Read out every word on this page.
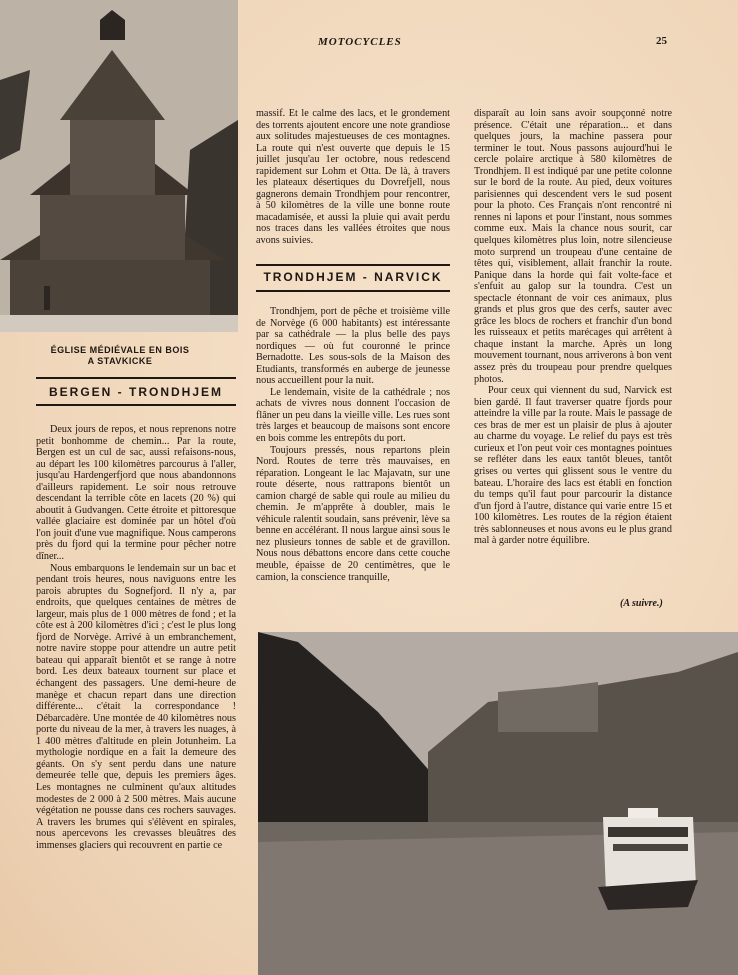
MOTOCYCLES	25
ÉGLISE MÉDIÉVALE EN BOIS
A STAVKICKE
BERGEN - TRONDHJEM

Deux jours de repos, et nous reprenons notre petit bonhomme de chemin... Par la route, Bergen est un cul de sac, aussi refaisons-nous, au départ les 100 kilomètres parcourus à l'aller, jusqu'au Hardengerfjord que nous abandonnons d'ailleurs rapidement. Le soir nous retrouve descendant la terrible côte en lacets (20 %) qui aboutit à Gudvangen. Cette étroite et pittoresque vallée glaciaire est dominée par un hôtel d'où l'on jouit d'une vue magnifique. Nous camperons près du fjord qui la termine pour pêcher notre dîner...

Nous embarquons le lendemain sur un bac et pendant trois heures, nous naviguons entre les parois abruptes du Sognefjord. Il n'y a, par endroits, que quelques centaines de mètres de largeur, mais plus de 1 000 mètres de fond ; et la côte est à 200 kilomètres d'ici ; c'est le plus long fjord de Norvège. Arrivé à un embranchement, notre navire stoppe pour attendre un autre petit bateau qui apparaît bientôt et se range à notre bord. Les deux bateaux tournent sur place et échangent des passagers. Une demi-heure de manège et chacun repart dans une direction différente... c'était la correspondance ! Débarcadère. Une montée de 40 kilomètres nous porte du niveau de la mer, à travers les nuages, à 1 400 mètres d'altitude en plein Jotunheim. La mythologie nordique en a fait la demeure des géants. On s'y sent perdu dans une nature demeurée telle que, depuis les premiers âges. Les montagnes ne culminent qu'aux altitudes modestes de 2 000 à 2 500 mètres. Mais aucune végétation ne pousse dans ces rochers sauvages. A travers les brumes qui s'élèvent en spirales, nous apercevons les crevasses bleuâtres des immenses glaciers qui recouvrent en partie ce

massif. Et le calme des lacs, et le grondement des torrents ajoutent encore une note grandiose aux solitudes majestueuses de ces montagnes. La route qui n'est ouverte que depuis le 15 juillet jusqu'au 1er octobre, nous redescend rapidement sur Lohm et Otta. De là, à travers les plateaux désertiques du Dovrefjell, nous gagnerons demain Trondhjem pour rencontrer, à 50 kilomètres de la ville une bonne route macadamisée, et aussi la pluie qui avait perdu nos traces dans les vallées étroites que nous avons suivies.

TRONDHJEM - NARVICK

Trondhjem, port de pêche et troisième ville de Norvège (6 000 habitants) est intéressante par sa cathédrale — la plus belle des pays nordiques — où fut couronné le prince Bernadotte. Les sous-sols de la Maison des Etudiants, transformés en auberge de jeunesse nous accueillent pour la nuit.

Le lendemain, visite de la cathédrale ; nos achats de vivres nous donnent l'occasion de flâner un peu dans la vieille ville. Les rues sont très larges et beaucoup de maisons sont encore en bois comme les entrepôts du port.

Toujours pressés, nous repartons plein Nord. Routes de terre très mauvaises, en réparation. Longeant le lac Majavatn, sur une route déserte, nous rattrapons bientôt un camion chargé de sable qui roule au milieu du chemin. Je m'apprête à doubler, mais le véhicule ralentit soudain, sans prévenir, lève sa benne en accélérant. Il nous largue ainsi sous le nez plusieurs tonnes de sable et de gravillon. Nous nous débattons encore dans cette couche meuble, épaisse de 20 centimètres, que le camion, la conscience tranquille,

disparaît au loin sans avoir soupçonné notre présence. C'était une réparation... et dans quelques jours, la machine passera pour terminer le tout. Nous passons aujourd'hui le cercle polaire arctique à 580 kilomètres de Trondhjem. Il est indiqué par une petite colonne sur le bord de la route. Au pied, deux voitures parisiennes qui descendent vers le sud posent pour la photo. Ces Français n'ont rencontré ni rennes ni lapons et pour l'instant, nous sommes comme eux. Mais la chance nous sourit, car quelques kilomètres plus loin, notre silencieuse moto surprend un troupeau d'une centaine de têtes qui, visiblement, allait franchir la route. Panique dans la horde qui fait volte-face et s'enfuit au galop sur la toundra. C'est un spectacle étonnant de voir ces animaux, plus grands et plus gros que des cerfs, sauter avec grâce les blocs de rochers et franchir d'un bond les ruisseaux et petits marécages qui arrêtent à chaque instant la marche. Après un long mouvement tournant, nous arriverons à bon vent assez près du troupeau pour prendre quelques photos.

Pour ceux qui viennent du sud, Narvick est bien gardé. Il faut traverser quatre fjords pour atteindre la ville par la route. Mais le passage de ces bras de mer est un plaisir de plus à ajouter au charme du voyage. Le relief du pays est très curieux et l'on peut voir ces montagnes pointues se refléter dans les eaux tantôt bleues, tantôt grises ou vertes qui glissent sous le ventre du bateau. L'horaire des lacs est établi en fonction du temps qu'il faut pour parcourir la distance d'un fjord à l'autre, distance qui varie entre 15 et 100 kilomètres. Les routes de la région étaient très sablonneuses et nous avons eu le plus grand mal à garder notre équilibre.

(A suivre.)
